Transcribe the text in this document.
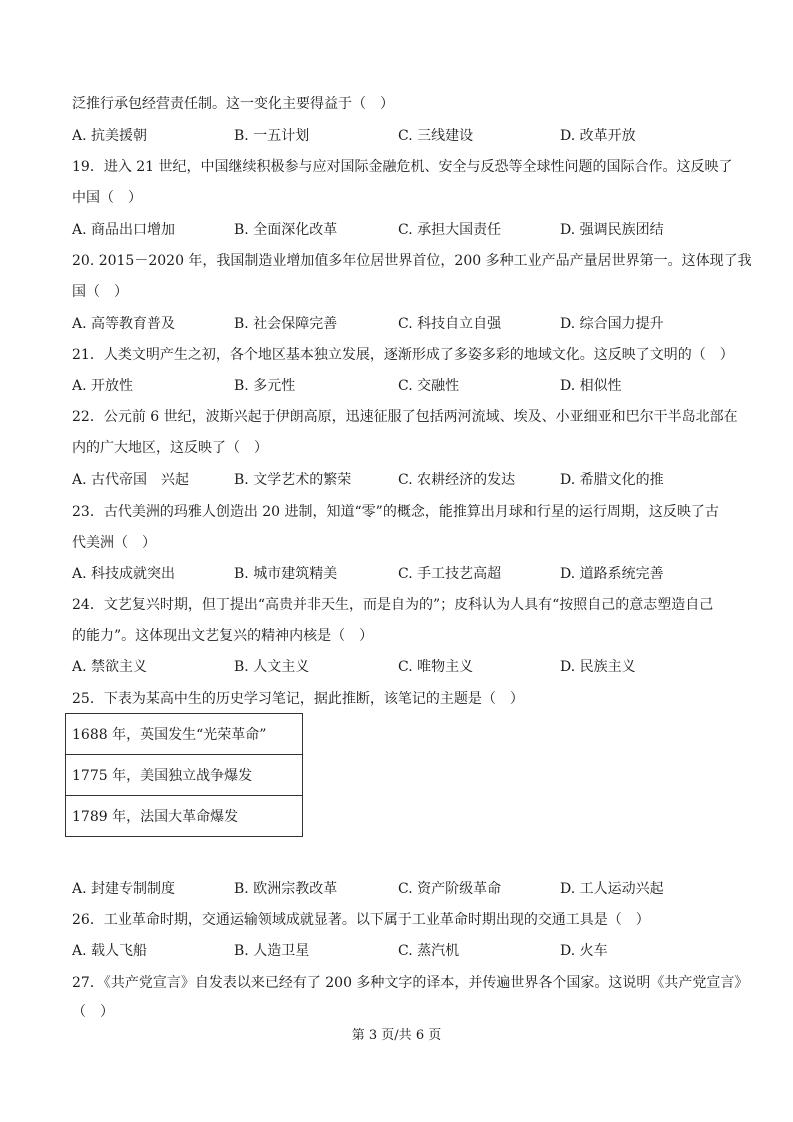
泛推行承包经营责任制。这一变化主要得益于（　）
A. 抗美援朝	B. 一五计划	C. 三线建设	D. 改革开放
19．进入 21 世纪，中国继续积极参与应对国际金融危机、安全与反恐等全球性问题的国际合作。这反映了
中国（　）
A. 商品出口增加	B. 全面深化改革	C. 承担大国责任	D. 强调民族团结
20. 2015－2020 年，我国制造业增加值多年位居世界首位，200 多种工业产品产量居世界第一。这体现了我
国（　）
A. 高等教育普及	B. 社会保障完善	C. 科技自立自强	D. 综合国力提升
21．人类文明产生之初，各个地区基本独立发展，逐渐形成了多姿多彩的地域文化。这反映了文明的（　）
A. 开放性	B. 多元性	C. 交融性	D. 相似性
22．公元前 6 世纪，波斯兴起于伊朗高原，迅速征服了包括两河流域、埃及、小亚细亚和巴尔干半岛北部在
内的广大地区，这反映了（　）
A. 古代帝国　兴起	B. 文学艺术的繁荣	C. 农耕经济的发达	D. 希腊文化的推
23．古代美洲的玛雅人创造出 20 进制，知道“零”的概念，能推算出月球和行星的运行周期，这反映了古
代美洲（　）
A. 科技成就突出	B. 城市建筑精美	C. 手工技艺高超	D. 道路系统完善
24．文艺复兴时期，但丁提出“高贵并非天生，而是自为的”；皮科认为人具有“按照自己的意志塑造自己
的能力”。这体现出文艺复兴的精神内核是（　）
A. 禁欲主义	B. 人文主义	C. 唯物主义	D. 民族主义
25．下表为某高中生的历史学习笔记，据此推断，该笔记的主题是（　）
1688 年，英国发生“光荣革命”
1775 年，美国独立战争爆发
1789 年，法国大革命爆发
A. 封建专制制度	B. 欧洲宗教改革	C. 资产阶级革命	D. 工人运动兴起
26．工业革命时期，交通运输领域成就显著。以下属于工业革命时期出现的交通工具是（　）
A. 载人飞船	B. 人造卫星	C. 蒸汽机	D. 火车
27．《共产党宣言》自发表以来已经有了 200 多种文字的译本，并传遍世界各个国家。这说明《共产党宣言》
（　）
第 3 页/共 6 页
